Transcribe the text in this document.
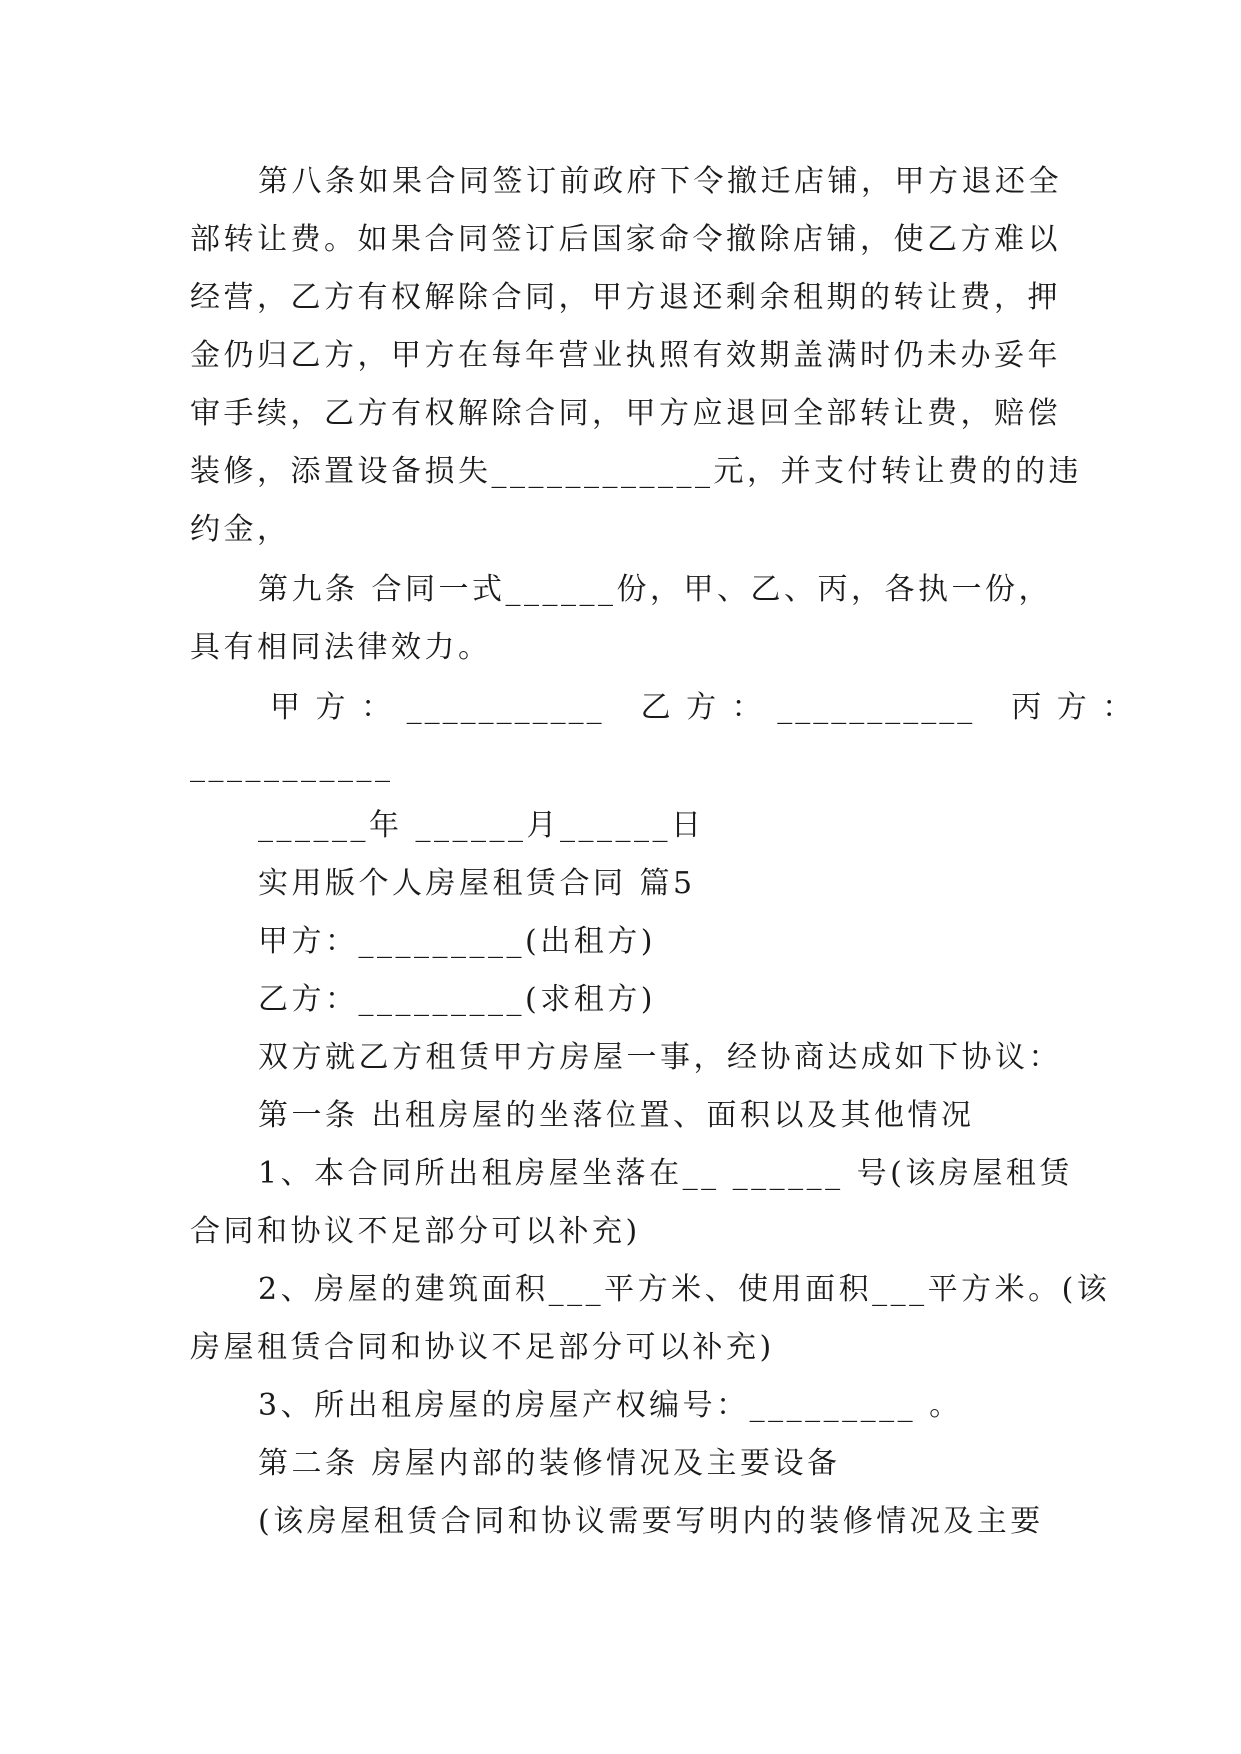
第八条如果合同签订前政府下令撤迁店铺，甲方退还全
部转让费。如果合同签订后国家命令撤除店铺，使乙方难以
经营，乙方有权解除合同，甲方退还剩余租期的转让费，押
金仍归乙方，甲方在每年营业执照有效期盖满时仍未办妥年
审手续，乙方有权解除合同，甲方应退回全部转让费，赔偿
装修，添置设备损失____________元，并支付转让费的的违
约金，
第九条 合同一式______份，甲、乙、丙，各执一份，
具有相同法律效力。
甲 方 ： ___________ 乙 方 ： ___________ 丙 方 ：
___________
______年 ______月______日
实用版个人房屋租赁合同 篇5
甲方：_________(出租方)
乙方：_________(求租方)
双方就乙方租赁甲方房屋一事，经协商达成如下协议：
第一条 出租房屋的坐落位置、面积以及其他情况
1、本合同所出租房屋坐落在__ ______ 号(该房屋租赁
合同和协议不足部分可以补充)
2、房屋的建筑面积___平方米、使用面积___平方米。(该
房屋租赁合同和协议不足部分可以补充)
3、所出租房屋的房屋产权编号：_________ 。
第二条 房屋内部的装修情况及主要设备
(该房屋租赁合同和协议需要写明内的装修情况及主要
